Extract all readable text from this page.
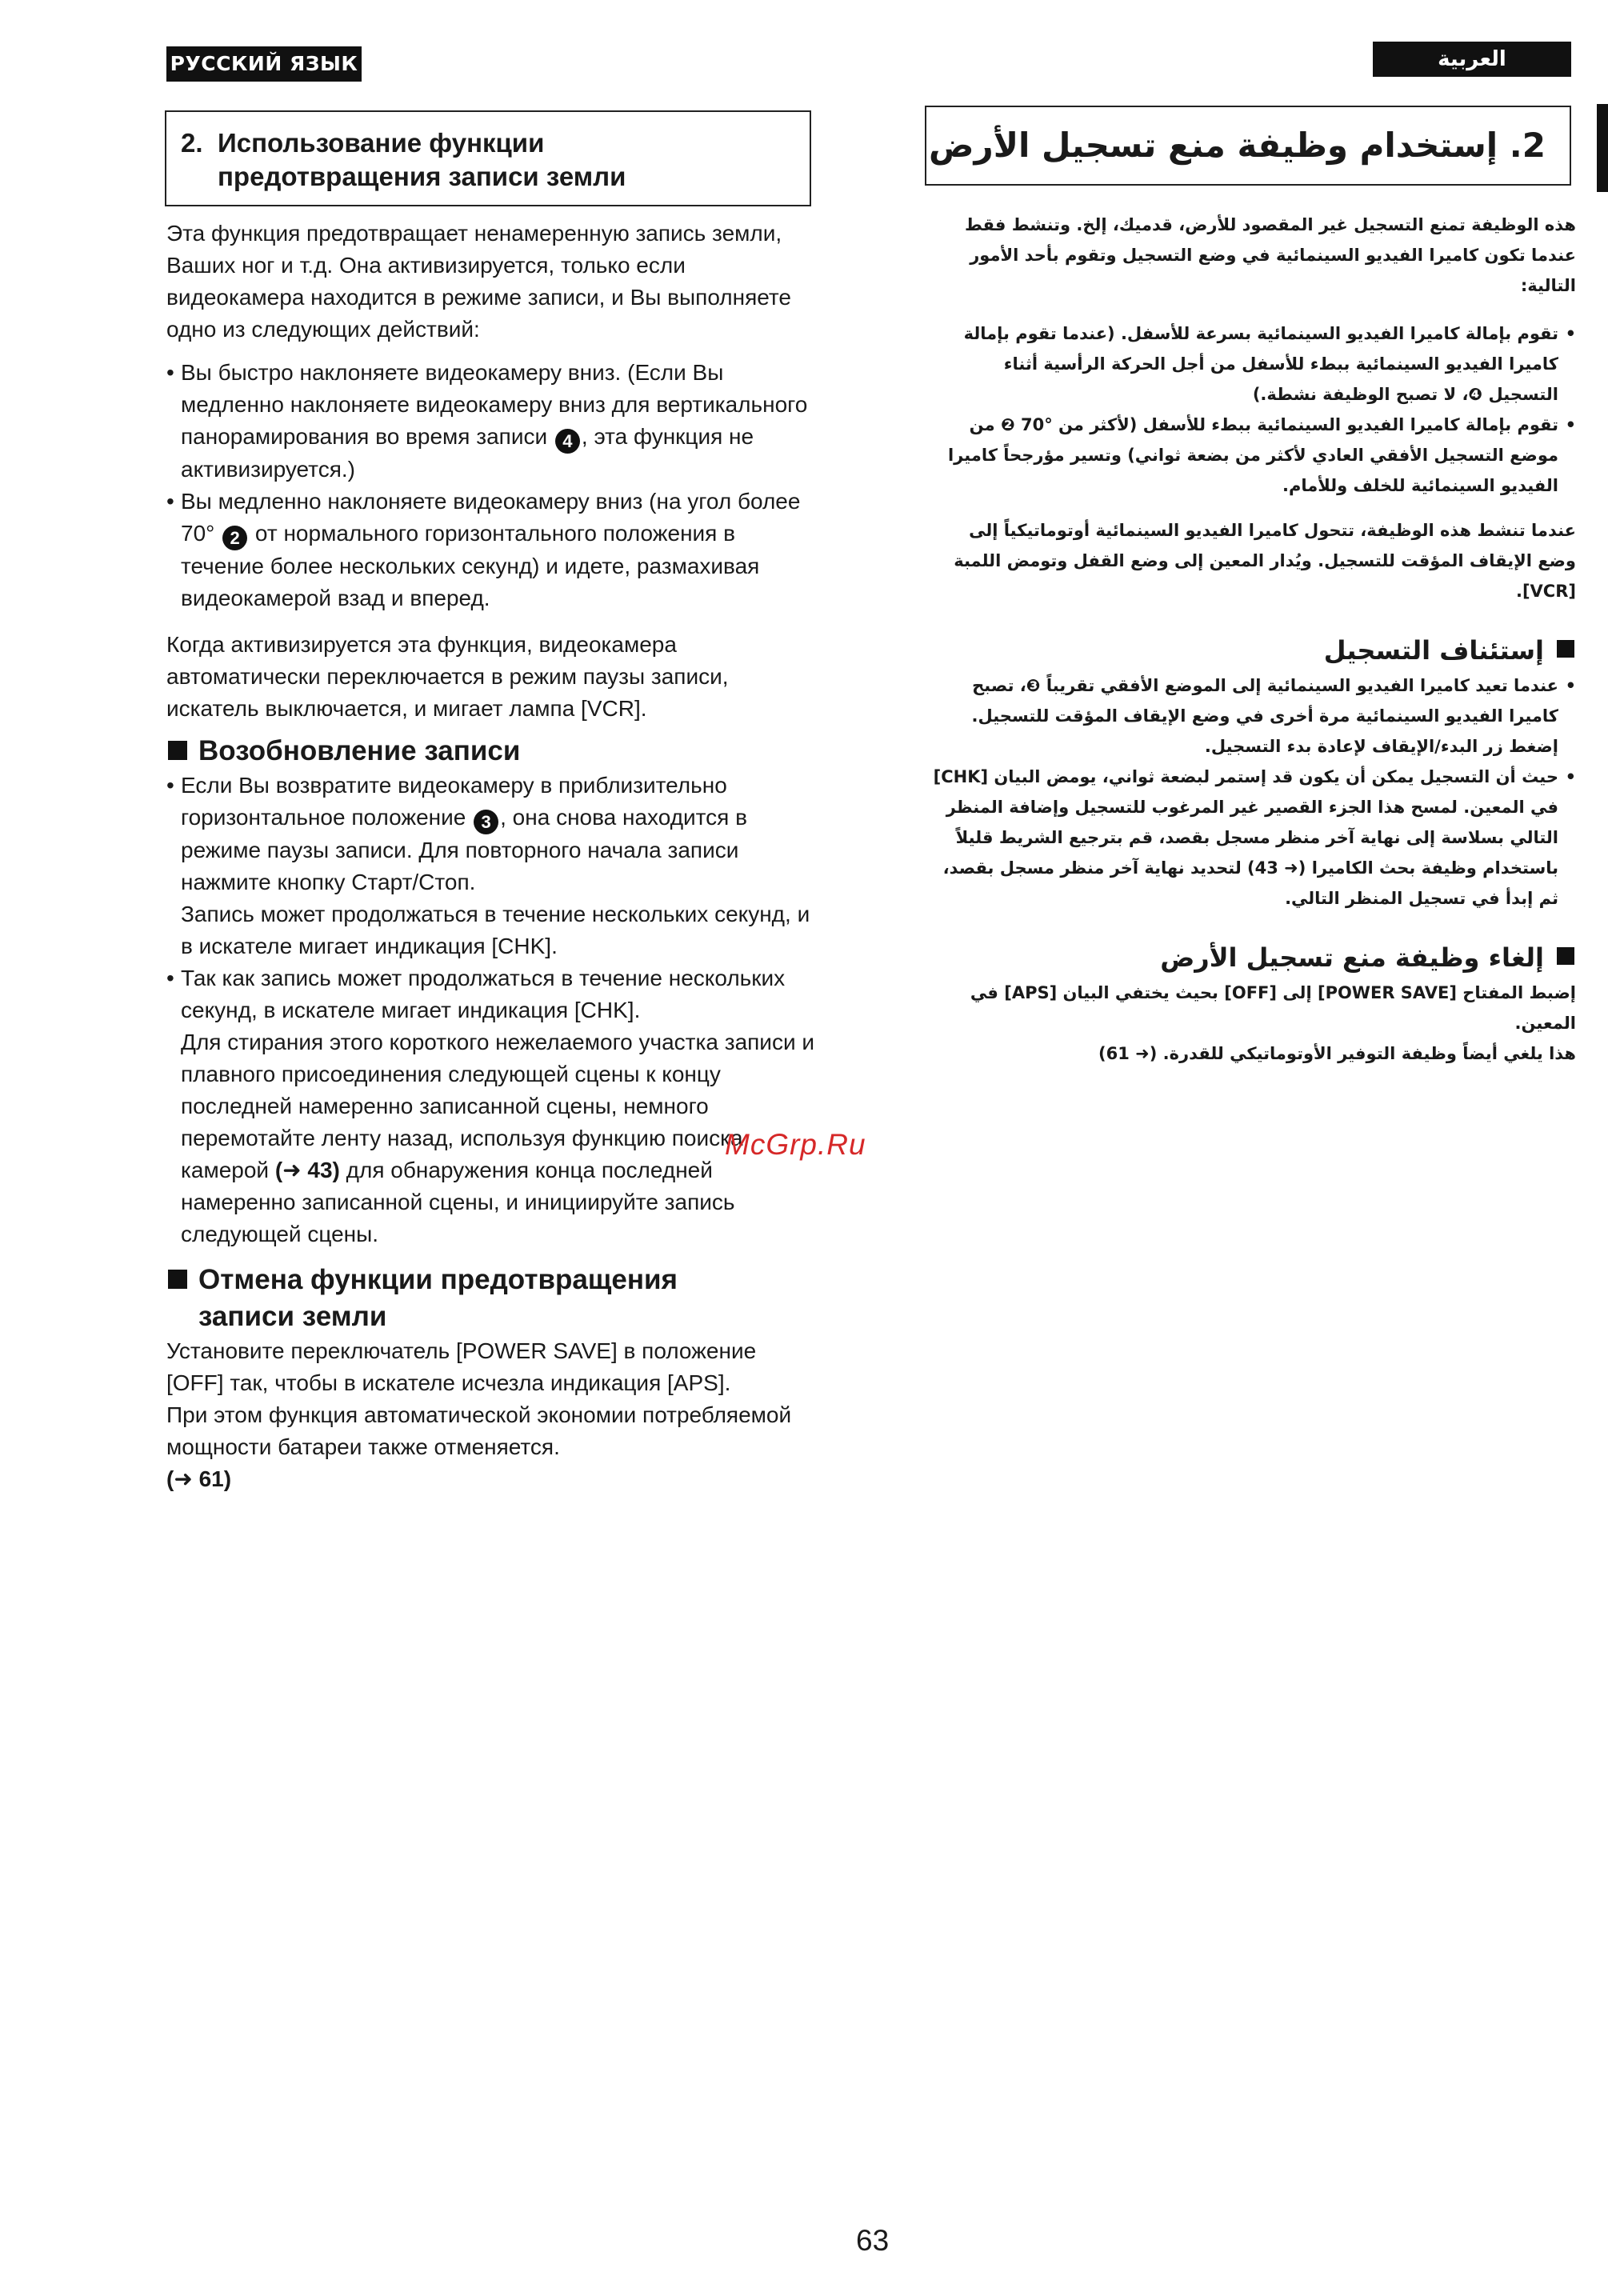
РУССКИЙ ЯЗЫК	العربية
2. Использование функции
предотвращения записи земли

Эта функция предотвращает ненамеренную запись земли, Ваших ног и т.д. Она активизируется, только если видеокамера находится в режиме записи, и Вы выполняете одно из следующих действий:

• Вы быстро наклоняете видеокамеру вниз. (Если Вы медленно наклоняете видеокамеру вниз для вертикального панорамирования во время записи 4 , эта функция не активизируется.)
• Вы медленно наклоняете видеокамеру вниз (на угол более 70° 2 от нормального горизонтального положения в течение более нескольких секунд) и идете, размахивая видеокамерой взад и вперед.

Когда активизируется эта функция, видеокамера автоматически переключается в режим паузы записи, искатель выключается, и мигает лампа [VCR].

Возобновление записи
• Если Вы возвратите видеокамеру в приблизительно горизонтальное положение 3 , она снова находится в режиме паузы записи. Для повторного начала записи нажмите кнопку Старт/Стоп.
Запись может продолжаться в течение нескольких секунд, и в искателе мигает индикация [CHK].
• Так как запись может продолжаться в течение нескольких секунд, в искателе мигает индикация [CHK].
Для стирания этого короткого нежелаемого участка записи и плавного присоединения следующей сцены к концу последней намеренно записанной сцены, немного перемотайте ленту назад, используя функцию поиска камерой (➜ 43) для обнаружения конца последней намеренно записанной сцены, и инициируйте запись следующей сцены.
Отмена функции предотвращения
записи земли

Установите переключатель [POWER SAVE] в положение [OFF] так, чтобы в искателе исчезла индикация [APS].

При этом функция автоматической экономии потребляемой мощности батареи также отменяется.

(➜ 61)

2. إستخدام وظيفة منع تسجيل الأرض
هذه الوظيفة تمنع التسجيل غير المقصود للأرض، قدميك، إلخ. وتنشط فقط عندما تكون كاميرا الفيديو السينمائية في وضع التسجيل وتقوم بأحد الأمور التالية:
•
تقوم بإمالة كاميرا الفيديو السينمائية بسرعة للأسفل. (عندما تقوم بإمالة كاميرا الفيديو السينمائية ببطء للأسفل من أجل الحركة الرأسية أثناء التسجيل ❹، لا تصبح الوظيفة نشطة.)
•
تقوم بإمالة كاميرا الفيديو السينمائية ببطء للأسفل (لأكثر من °70 ❷ من موضع التسجيل الأفقي العادي لأكثر من بضعة ثواني) وتسير مؤرجحاً كاميرا الفيديو السينمائية للخلف وللأمام.
عندما تنشط هذه الوظيفة، تتحول كاميرا الفيديو السينمائية أوتوماتيكياً إلى وضع الإيقاف المؤقت للتسجيل. ويُدار المعين إلى وضع القفل وتومض اللمبة [VCR].
إستئناف التسجيل
•
عندما تعيد كاميرا الفيديو السينمائية إلى الموضع الأفقي تقريباً ❸، تصبح كاميرا الفيديو السينمائية مرة أخرى في وضع الإيقاف المؤقت للتسجيل. إضغط زر البدء/الإيقاف لإعادة بدء التسجيل.
•
حيث أن التسجيل يمكن أن يكون قد إستمر لبضعة ثواني، يومض البيان [CHK] في المعين. لمسح هذا الجزء القصير غير المرغوب للتسجيل وإضافة المنظر التالي بسلاسة إلى نهاية آخر منظر مسجل بقصد، قم بترجيع الشريط قليلاً باستخدام وظيفة بحث الكاميرا (➜ 43) لتحديد نهاية آخر منظر مسجل بقصد، ثم إبدأ في تسجيل المنظر التالي.
إلغاء وظيفة منع تسجيل الأرض
إضبط المفتاح [POWER SAVE] إلى [OFF] بحيث يختفي البيان [APS] في المعين.
هذا يلغي أيضاً وظيفة التوفير الأوتوماتيكي للقدرة. (➜ 61)
McGrp.Ru
63
